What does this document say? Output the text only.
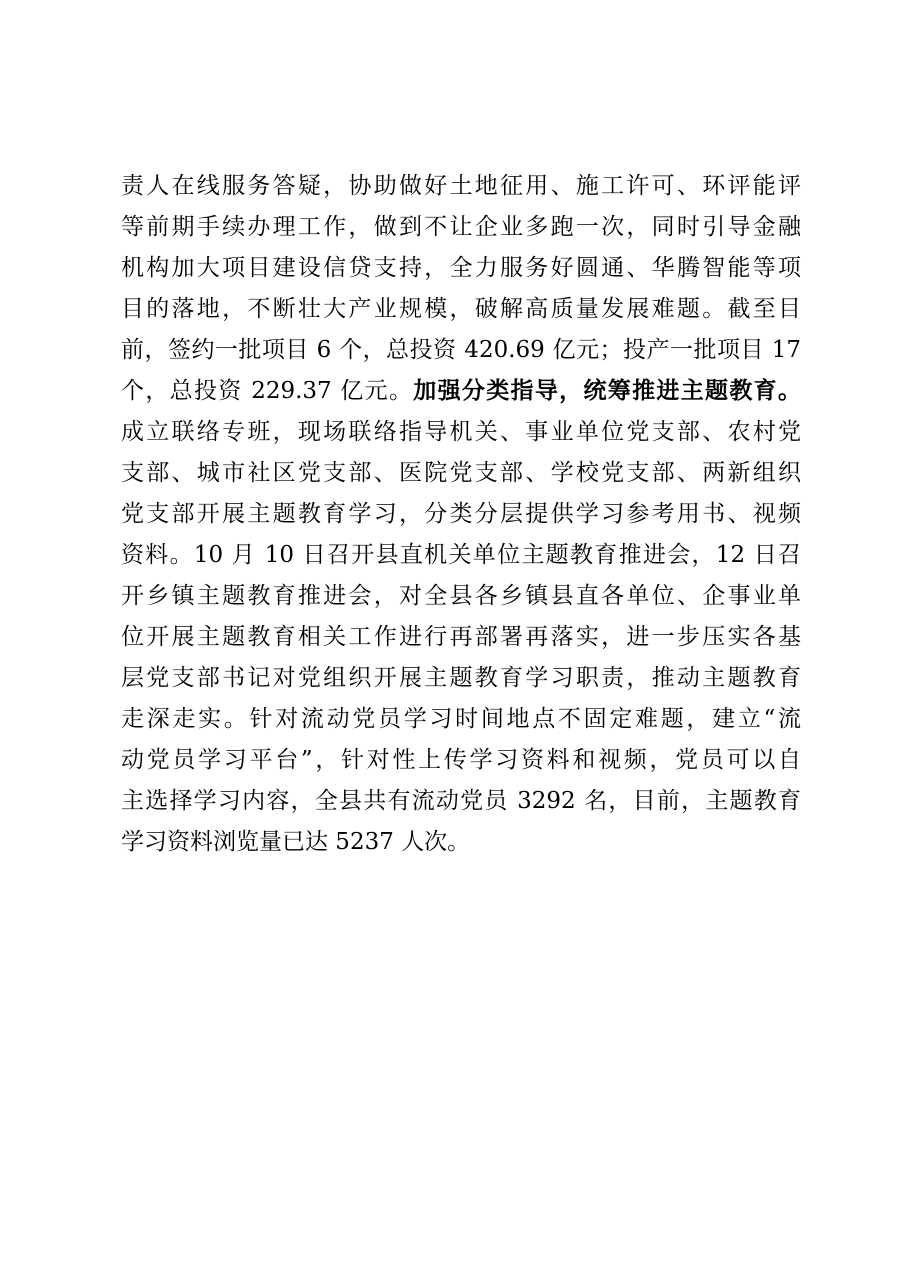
责人在线服务答疑，协助做好土地征用、施工许可、环评能评
等前期手续办理工作，做到不让企业多跑一次，同时引导金融
机构加大项目建设信贷支持，全力服务好圆通、华腾智能等项
目的落地，不断壮大产业规模，破解高质量发展难题。截至目
前，签约一批项目 6 个，总投资 420.69 亿元；投产一批项目 17
个，总投资 229.37 亿元。加强分类指导，统筹推进主题教育。
成立联络专班，现场联络指导机关、事业单位党支部、农村党
支部、城市社区党支部、医院党支部、学校党支部、两新组织
党支部开展主题教育学习，分类分层提供学习参考用书、视频
资料。10 月 10 日召开县直机关单位主题教育推进会，12 日召
开乡镇主题教育推进会，对全县各乡镇县直各单位、企事业单
位开展主题教育相关工作进行再部署再落实，进一步压实各基
层党支部书记对党组织开展主题教育学习职责，推动主题教育
走深走实。针对流动党员学习时间地点不固定难题，建立“流
动党员学习平台”，针对性上传学习资料和视频，党员可以自
主选择学习内容，全县共有流动党员 3292 名，目前，主题教育
学习资料浏览量已达 5237 人次。
